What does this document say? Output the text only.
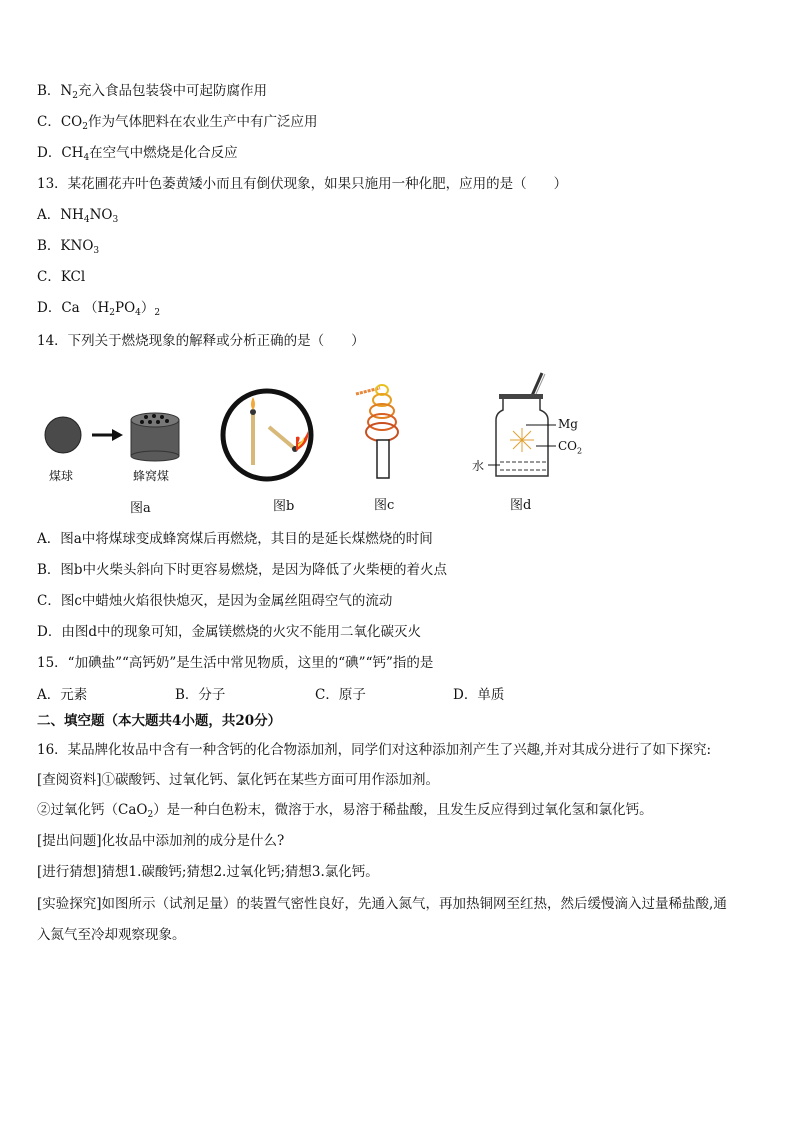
B．$N_2$充入食品包装袋中可起防腐作用
C．$CO_2$作为气体肥料在农业生产中有广泛应用
D．$CH_4$在空气中燃烧是化合反应
13．某花圃花卉叶色萎黄矮小而且有倒伏现象，如果只施用一种化肥，应用的是（　　）
A．$NH_4NO_3$
B．$KNO_3$
C．KCl
D．Ca $(H_2PO_4)_2$
14．下列关于燃烧现象的解释或分析正确的是（　　）
煤球	蜂窝煤
图a	图b	图c
Mg
$CO_2$
水
图d
A．图a中将煤球变成蜂窝煤后再燃烧，其目的是延长煤燃烧的时间
B．图b中火柴头斜向下时更容易燃烧，是因为降低了火柴梗的着火点
C．图c中蜡烛火焰很快熄灭，是因为金属丝阻碍空气的流动
D．由图d中的现象可知，金属镁燃烧的火灾不能用二氧化碳灭火
15．“加碘盐”“高钙奶”是生活中常见物质，这里的“碘”“钙”指的是
A．元素	B．分子	C．原子	D．单质
二、填空题（本大题共4小题，共20分）
16．某品牌化妆品中含有一种含钙的化合物添加剂，同学们对这种添加剂产生了兴趣,并对其成分进行了如下探究:
[查阅资料]①碳酸钙、过氧化钙、氯化钙在某些方面可用作添加剂。
②过氧化钙（CaO$_2$）是一种白色粉末，微溶于水，易溶于稀盐酸，且发生反应得到过氧化氢和氯化钙。
[提出问题]化妆品中添加剂的成分是什么?
[进行猜想]猜想1.碳酸钙;猜想2.过氧化钙;猜想3.氯化钙。
[实验探究]如图所示（试剂足量）的装置气密性良好，先通入氮气，再加热铜网至红热，然后缓慢滴入过量稀盐酸,通
入氮气至冷却观察现象。
